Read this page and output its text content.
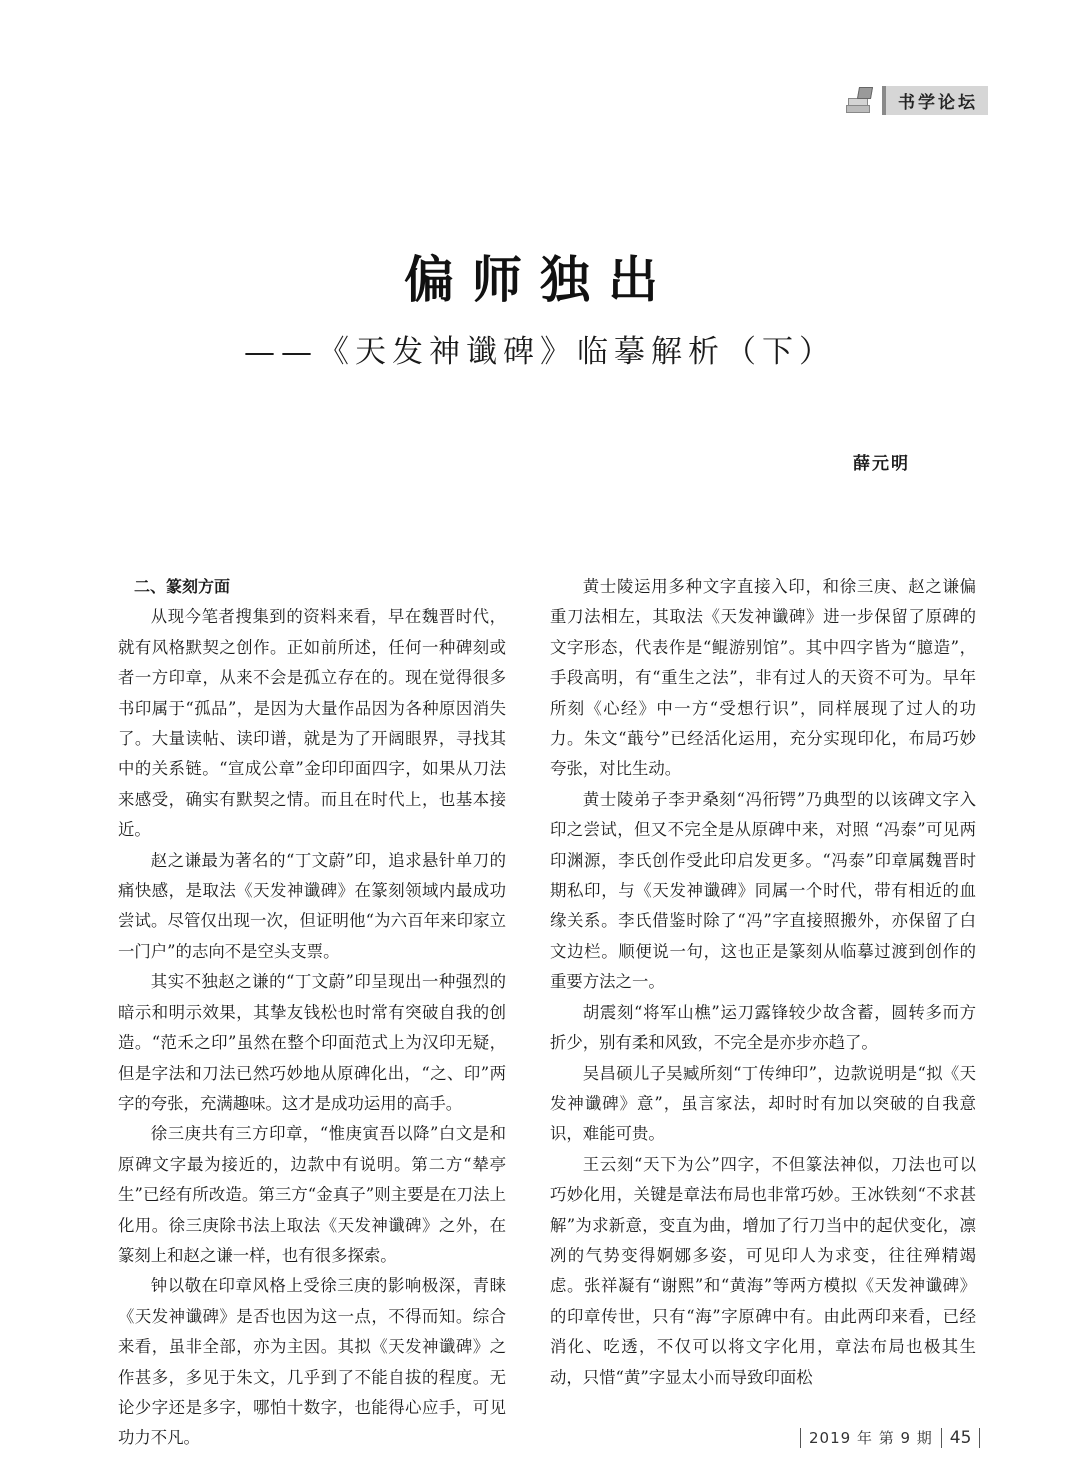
书学论坛
偏师独出
——《天发神谶碑》临摹解析（下）
薛元明
二、篆刻方面

从现今笔者搜集到的资料来看，早在魏晋时代，就有风格默契之创作。正如前所述，任何一种碑刻或者一方印章，从来不会是孤立存在的。现在觉得很多书印属于“孤品”，是因为大量作品因为各种原因消失了。大量读帖、读印谱，就是为了开阔眼界，寻找其中的关系链。“宣成公章”金印印面四字，如果从刀法来感受，确实有默契之情。而且在时代上，也基本接近。

赵之谦最为著名的“丁文蔚”印，追求悬针单刀的痛快感，是取法《天发神谶碑》在篆刻领域内最成功尝试。尽管仅出现一次，但证明他“为六百年来印家立一门户”的志向不是空头支票。

其实不独赵之谦的“丁文蔚”印呈现出一种强烈的暗示和明示效果，其挚友钱松也时常有突破自我的创造。“范禾之印”虽然在整个印面范式上为汉印无疑，但是字法和刀法已然巧妙地从原碑化出，“之、印”两字的夸张，充满趣味。这才是成功运用的高手。

徐三庚共有三方印章，“惟庚寅吾以降”白文是和原碑文字最为接近的，边款中有说明。第二方“辇亭生”已经有所改造。第三方“金真子”则主要是在刀法上化用。徐三庚除书法上取法《天发神谶碑》之外，在篆刻上和赵之谦一样，也有很多探索。

钟以敬在印章风格上受徐三庚的影响极深，青睐《天发神谶碑》是否也因为这一点，不得而知。综合来看，虽非全部，亦为主因。其拟《天发神谶碑》之作甚多，多见于朱文，几乎到了不能自拔的程度。无论少字还是多字，哪怕十数字，也能得心应手，可见功力不凡。

黄士陵运用多种文字直接入印，和徐三庚、赵之谦偏重刀法相左，其取法《天发神谶碑》进一步保留了原碑的文字形态，代表作是“鲲游别馆”。其中四字皆为“臆造”，手段高明，有“重生之法”，非有过人的天资不可为。早年所刻《心经》中一方“受想行识”，同样展现了过人的功力。朱文“蕺兮”已经活化运用，充分实现印化，布局巧妙夸张，对比生动。

黄士陵弟子李尹桑刻“冯衎锷”乃典型的以该碑文字入印之尝试，但又不完全是从原碑中来，对照 “冯泰”可见两印渊源，李氏创作受此印启发更多。“冯泰”印章属魏晋时期私印，与《天发神谶碑》同属一个时代，带有相近的血缘关系。李氏借鉴时除了“冯”字直接照搬外，亦保留了白文边栏。顺便说一句，这也正是篆刻从临摹过渡到创作的重要方法之一。

胡震刻“将军山樵”运刀露锋较少故含蓄，圆转多而方折少，别有柔和风致，不完全是亦步亦趋了。

吴昌硕儿子吴臧所刻“丁传绅印”，边款说明是“拟《天发神谶碑》意”，虽言家法，却时时有加以突破的自我意识，难能可贵。

王云刻“天下为公”四字，不但篆法神似，刀法也可以巧妙化用，关键是章法布局也非常巧妙。王冰铁刻“不求甚解”为求新意，变直为曲，增加了行刀当中的起伏变化，凛冽的气势变得婀娜多姿，可见印人为求变，往往殚精竭虑。张祥凝有“谢熙”和“黄海”等两方模拟《天发神谶碑》的印章传世，只有“海”字原碑中有。由此两印来看，已经消化、吃透，不仅可以将文字化用，章法布局也极其生动，只惜“黄”字显太小而导致印面松

2019 年 第 9 期 45
